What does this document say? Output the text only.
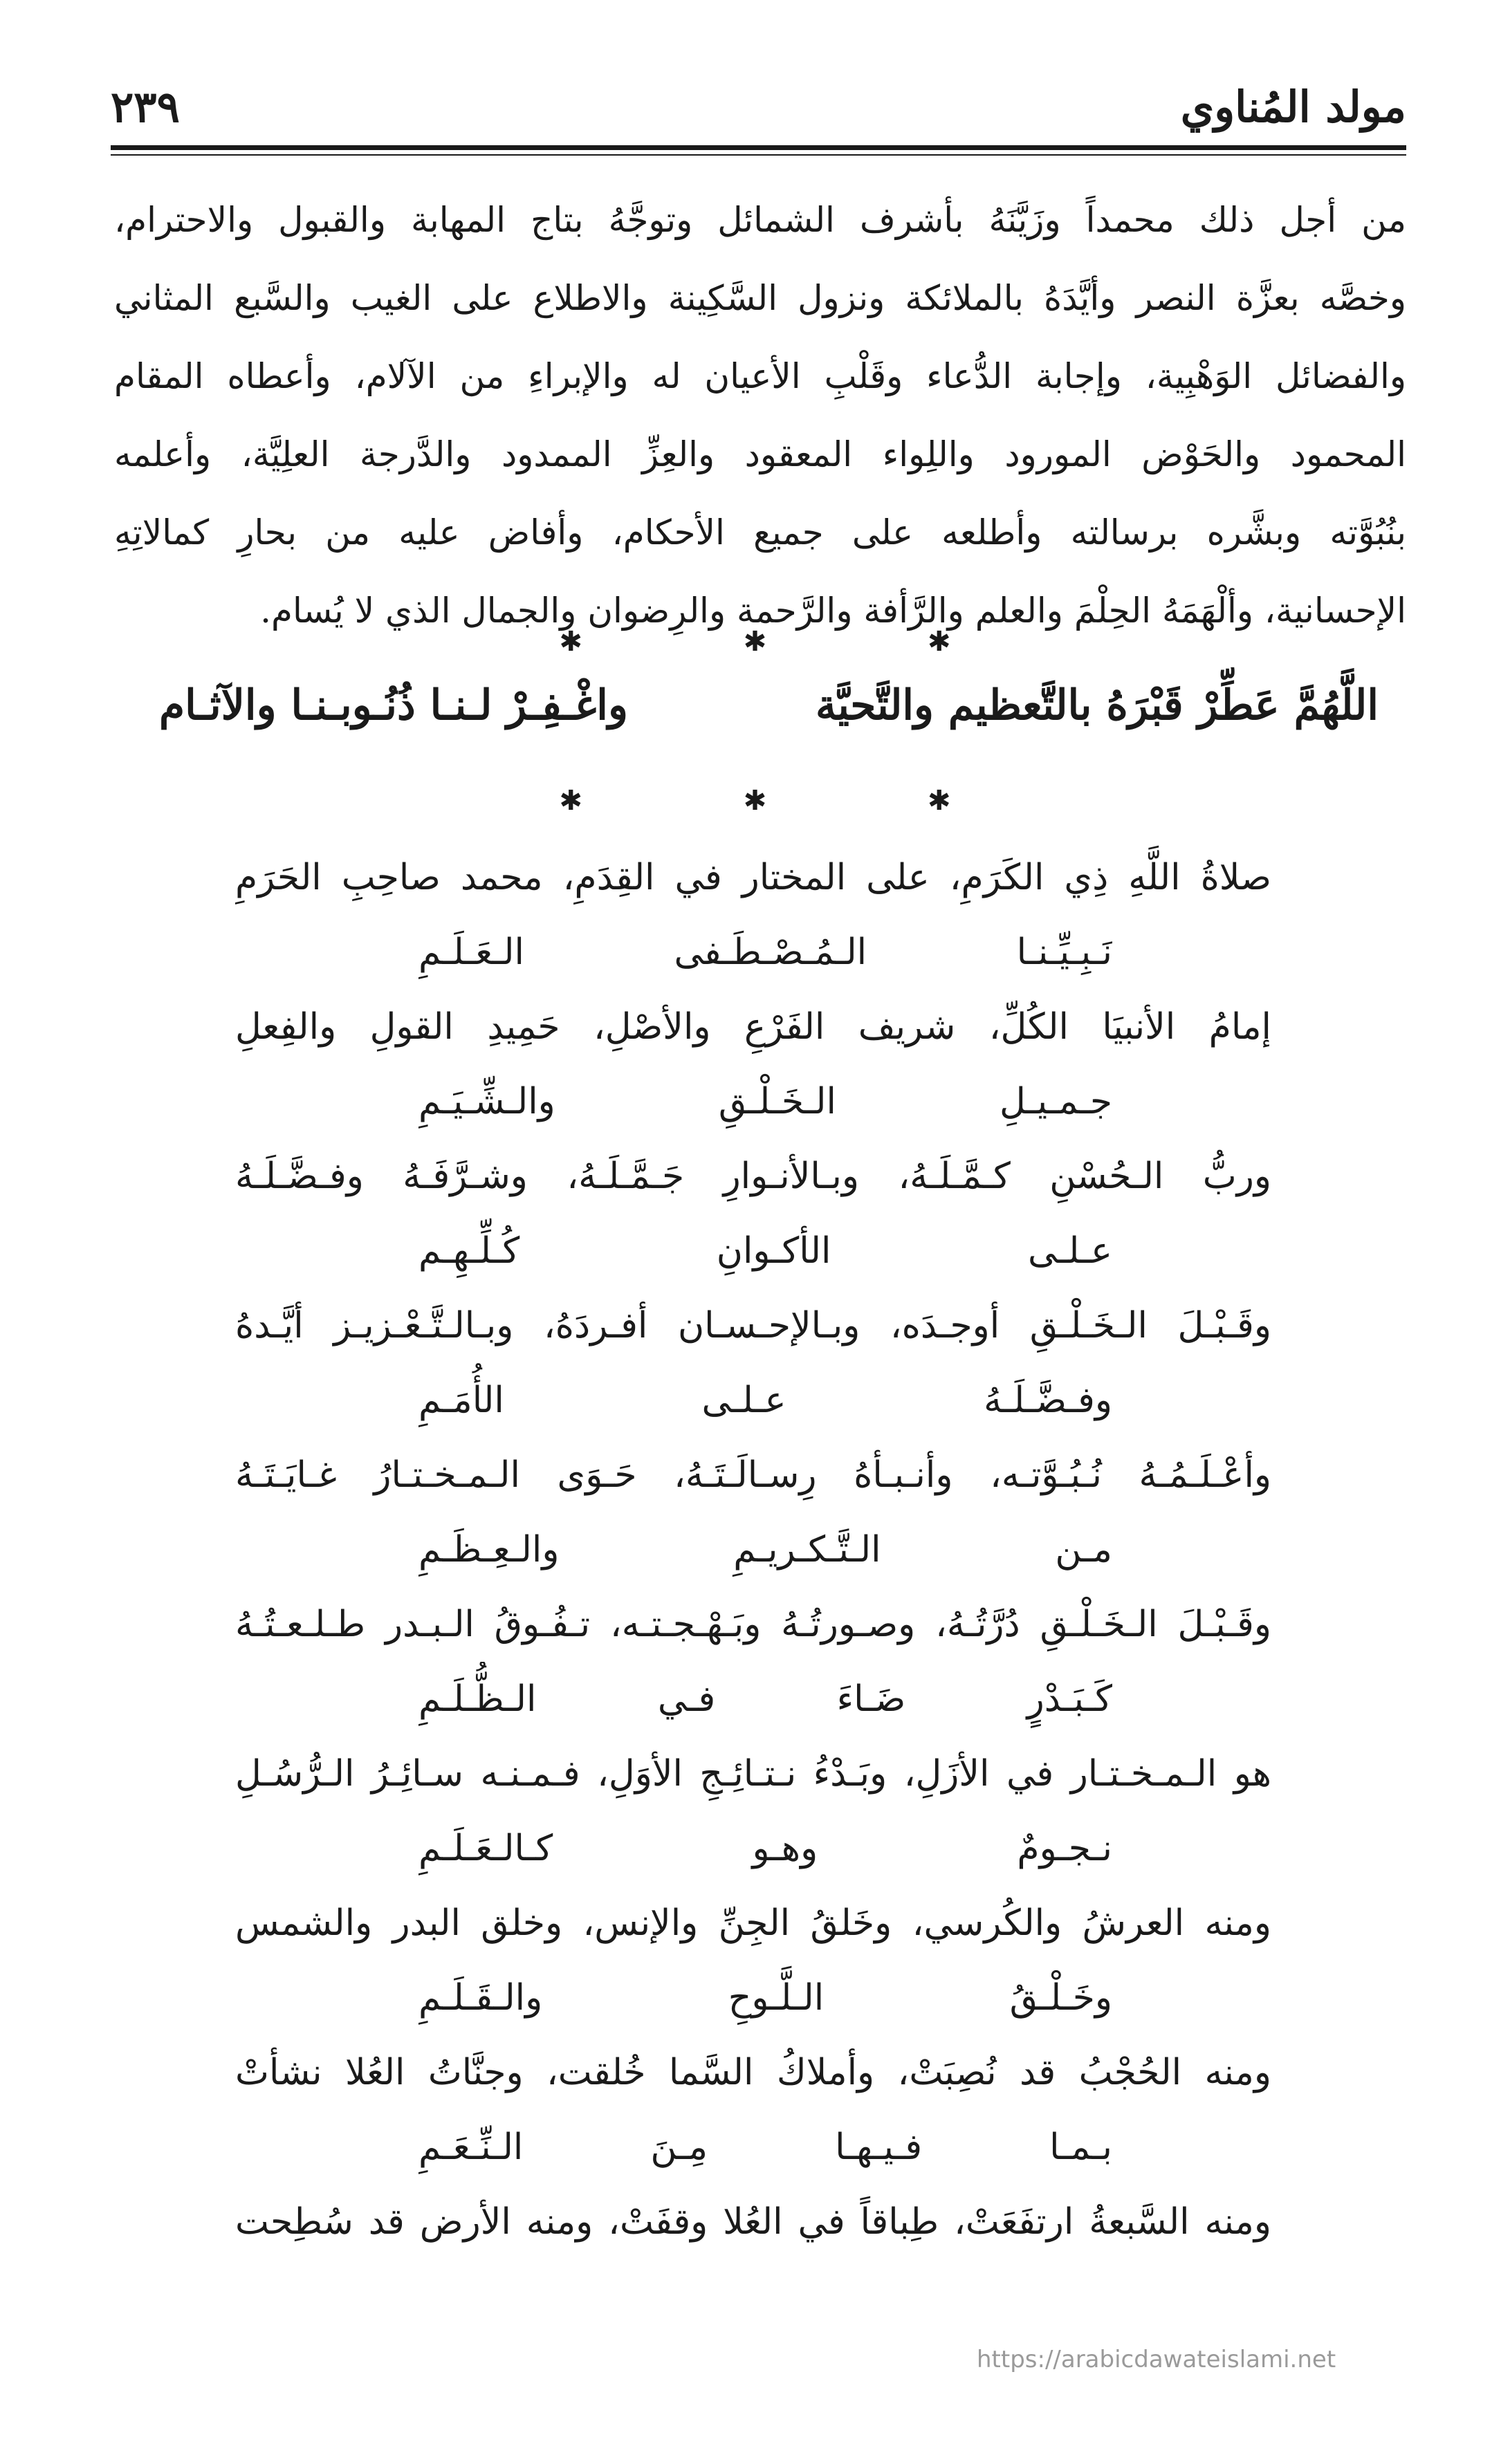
مولد المُناوي
٢٣٩
من أجل ذلك محمداً وزَيَّنَهُ بأشرف الشمائل وتوجَّهُ بتاج المهابة والقبول والاحترام،
وخصَّه بعزَّة النصر وأيَّدَهُ بالملائكة ونزول السَّكِينة والاطلاع على الغيب والسَّبع المثاني
والفضائل الوَهْبِية، وإجابة الدُّعاء وقَلْبِ الأعيان له والإبراءِ من الآلام، وأعطاه المقام
المحمود والحَوْض المورود واللِواء المعقود والعِزِّ الممدود والدَّرجة العلِيَّة، وأعلمه
بنُبُوَّته وبشَّره برسالته وأطلعه على جميع الأحكام، وأفاض عليه من بحارِ كمالاتِهِ
الإحسانية، وألْهَمَهُ الحِلْمَ والعلم والرَّأفة والرَّحمة والرِضوان والجمال الذي لا يُسام.
✱ ✱ ✱
اللَّهُمَّ عَطِّرْ قَبْرَهُ بالتَّعظيم والتَّحيَّة
واغْـفِـرْ لـنـا ذُنُـوبـنـا والآثـام
✱ ✱ ✱
صلاةُ اللَّهِ ذِي الكَرَمِ، على المختار في القِدَمِ، محمد صاحِبِ الحَرَمِ
نَـبِـيِّـنـا الـمُـصْـطَـفى الـعَـلَـمِ
إمامُ الأنبيَا الكُلِّ، شريف الفَرْعِ والأصْلِ، حَمِيدِ القولِ والفِعلِ
جـمـيـلِ الـخَـلْـقِ والـشِّـيَـمِ
وربُّ الـحُسْنِ كـمَّـلَـهُ، وبـالأنـوارِ جَـمَّـلَـهُ، وشـرَّفَـهُ وفـضَّـلَـهُ
عـلـى الأكـوانِ كُـلِّـهِـم
وقَـبْـلَ الـخَـلْـقِ أوجـدَه، وبـالإحـسـان أفـردَهُ، وبـالـتَّـعْـزيـز أيَّـدهُ
وفـضَّـلَـهُ عـلـى الأُمَـمِ
وأعْـلَـمُـهُ نُـبُـوَّتـه، وأنـبـأهُ رِسـالَـتَـهُ، حَـوَى الـمـخـتـارُ غـايَـتَـهُ
مـن الـتَّـكـريـمِ والـعِـظَـمِ
وقَـبْـلَ الـخَـلْـقِ دُرَّتُـهُ، وصـورتُـهُ وبَـهْـجـتـه، تـفُـوقُ الـبـدر طـلـعـتُـهُ
كَـبَـدْرٍ ضَـاءَ فـي الـظُّـلَـمِ
هو الـمـخـتـار في الأزَلِ، وبَـدْءُ نـتـائِـجِ الأوَلِ، فـمـنـه سـائِـرُ الـرُّسُـلِ
نـجـومٌ وهـو كـالـعَـلَـمِ
ومنه العرشُ والكُرسي، وخَلقُ الجِنِّ والإنس، وخلق البدر والشمس
وخَـلْـقُ الـلَّـوحِ والـقَـلَـمِ
ومنه الحُجْبُ قد نُصِبَتْ، وأملاكُ السَّما خُلقت، وجنَّاتُ العُلا نشأتْ
بـمـا فـيـهـا مِـنَ الـنِّـعَـمِ
ومنه السَّبعةُ ارتفَعَتْ، طِباقاً في العُلا وقفَتْ، ومنه الأرض قد سُطِحت
https://arabicdawateislami.net
